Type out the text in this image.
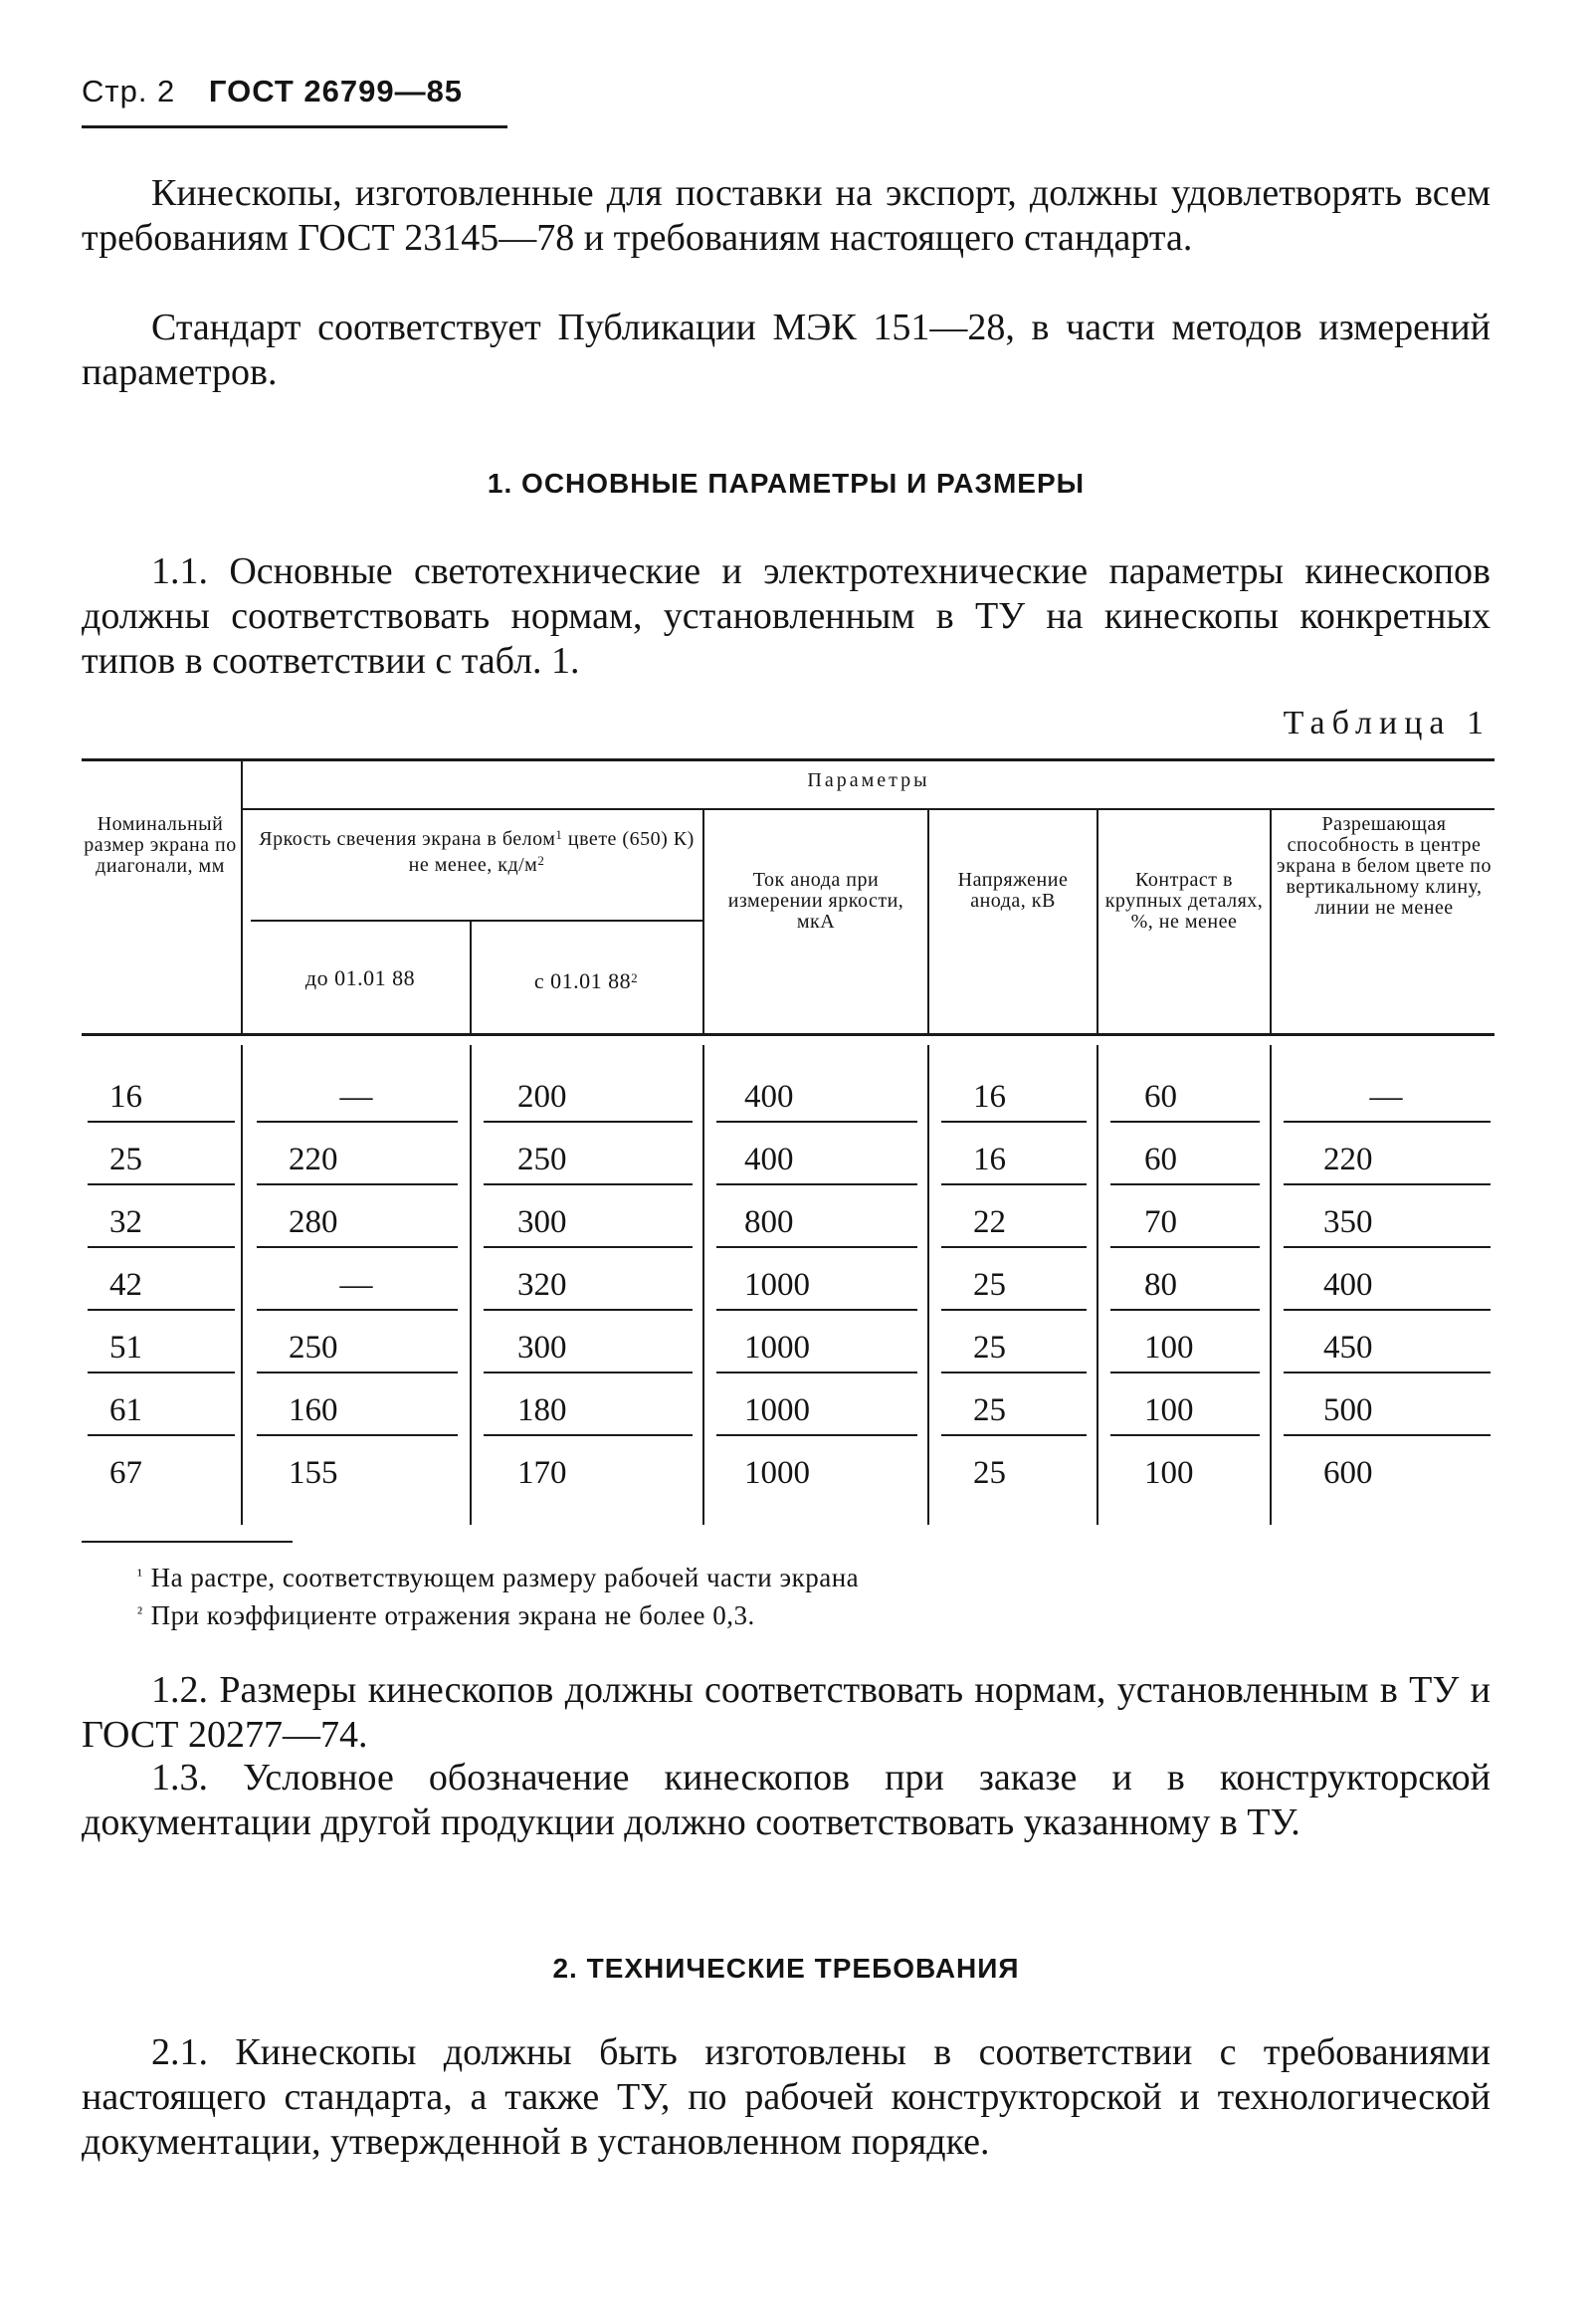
Стр. 2 ГОСТ 26799—85
Кинескопы, изготовленные для поставки на экспорт, должны удовлетворять всем требованиям ГОСТ 23145—78 и требованиям настоящего стандарта.
Стандарт соответствует Публикации МЭК 151—28, в части методов измерений параметров.
1. ОСНОВНЫЕ ПАРАМЕТРЫ И РАЗМЕРЫ
1.1. Основные светотехнические и электротехнические параметры кинескопов должны соответствовать нормам, установленным в ТУ на кинескопы конкретных типов в соответствии с табл. 1.
Таблица 1
Номинальный размер экрана по диагонали, мм
Параметры
Яркость свечения экрана в белом$^1$ цвете (650) К) не менее, $кд/м^2$
до 01.01 88	с 01.01 $88^2$
Ток анода при измерении яркости, мкА
Напряжение анода, кВ
Контраст в крупных деталях, %, не менее
Разрешающая способность в центре экрана в белом цвете по вертикальному клину, линии не менее
16	—	200	400	16	60	—
25	220	250	400	16	60	220
32	280	300	800	22	70	350
42	—	320	1000	25	80	400
51	250	300	1000	25	100	450
61	160	180	1000	25	100	500
67	155	170	1000	25	100	600
$^{^1}$ На растре, соответствующем размеру рабочей части экрана
$^{^2}$ При коэффициенте отражения экрана не более 0,3.
1.2. Размеры кинескопов должны соответствовать нормам, установленным в ТУ и ГОСТ 20277—74.
1.3. Условное обозначение кинескопов при заказе и в конструкторской документации другой продукции должно соответствовать указанному в ТУ.
2. ТЕХНИЧЕСКИЕ ТРЕБОВАНИЯ
2.1. Кинескопы должны быть изготовлены в соответствии с требованиями настоящего стандарта, а также ТУ, по рабочей конструкторской и технологической документации, утвержденной в установленном порядке.
